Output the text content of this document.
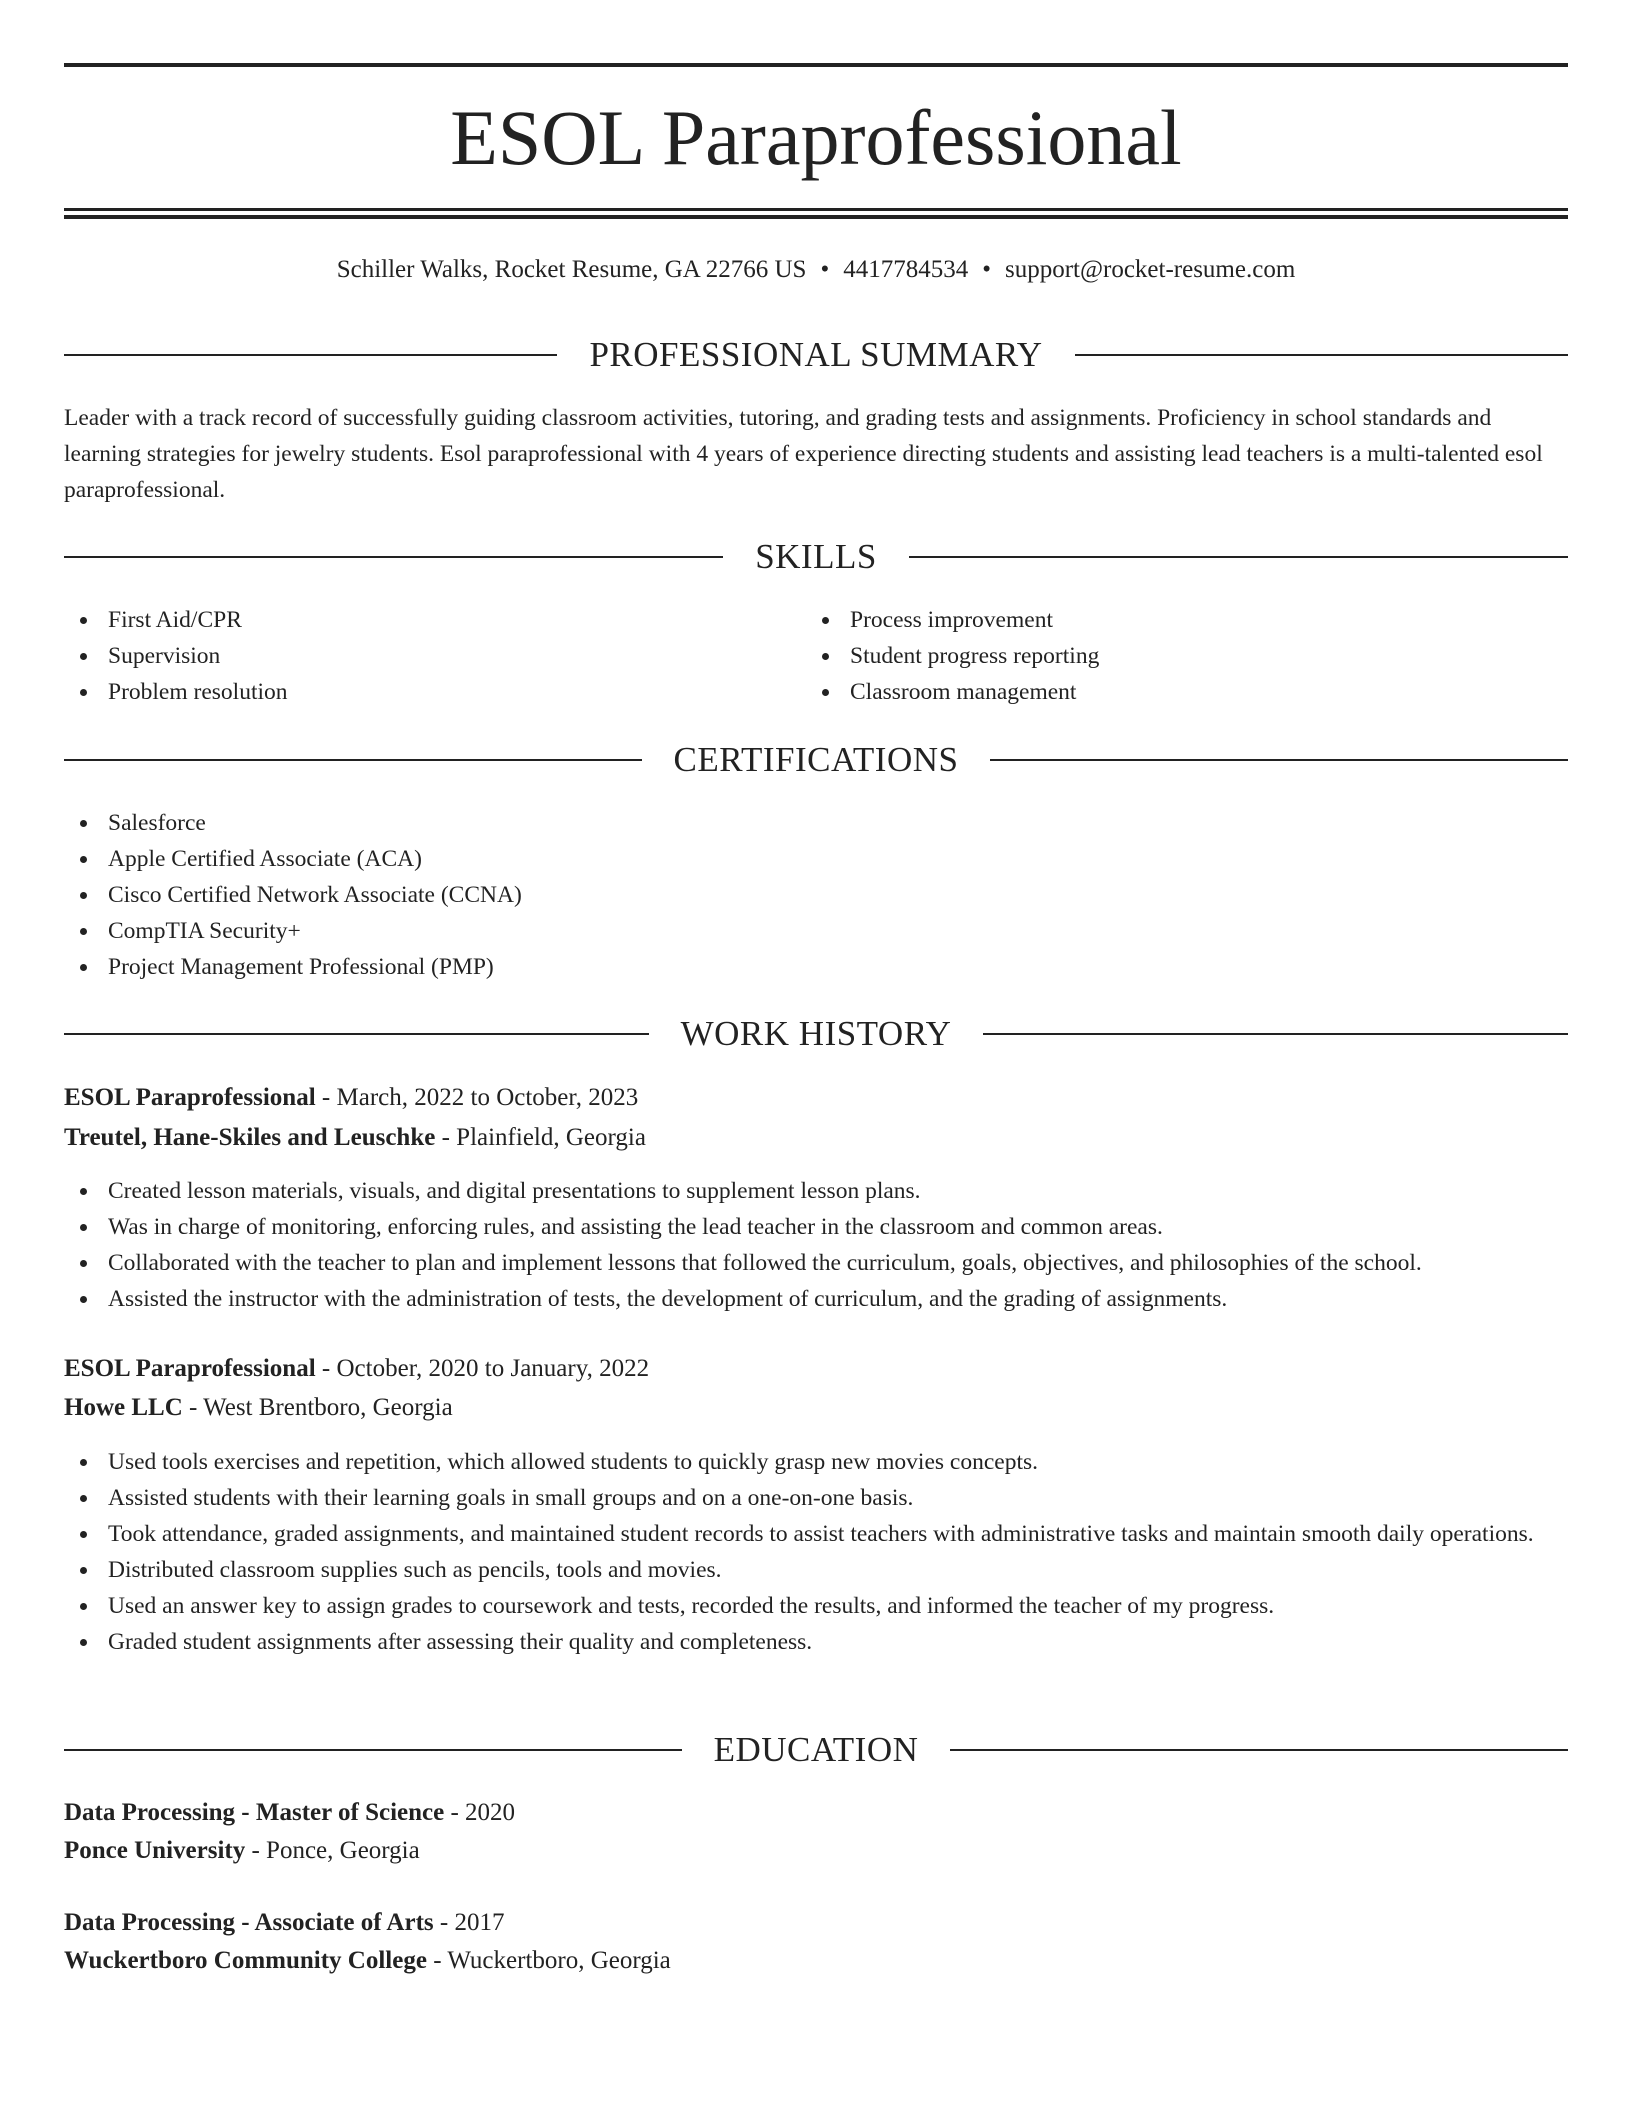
ESOL Paraprofessional
Schiller Walks, Rocket Resume, GA 22766 US • 4417784534 • support@rocket-resume.com
PROFESSIONAL SUMMARY
Leader with a track record of successfully guiding classroom activities, tutoring, and grading tests and assignments. Proficiency in school standards and learning strategies for jewelry students. Esol paraprofessional with 4 years of experience directing students and assisting lead teachers is a multi-talented esol paraprofessional.
SKILLS
First Aid/CPR
Supervision
Problem resolution
Process improvement
Student progress reporting
Classroom management
CERTIFICATIONS
Salesforce
Apple Certified Associate (ACA)
Cisco Certified Network Associate (CCNA)
CompTIA Security+
Project Management Professional (PMP)
WORK HISTORY
ESOL Paraprofessional - March, 2022 to October, 2023
Treutel, Hane-Skiles and Leuschke - Plainfield, Georgia
Created lesson materials, visuals, and digital presentations to supplement lesson plans.
Was in charge of monitoring, enforcing rules, and assisting the lead teacher in the classroom and common areas.
Collaborated with the teacher to plan and implement lessons that followed the curriculum, goals, objectives, and philosophies of the school.
Assisted the instructor with the administration of tests, the development of curriculum, and the grading of assignments.
ESOL Paraprofessional - October, 2020 to January, 2022
Howe LLC - West Brentboro, Georgia
Used tools exercises and repetition, which allowed students to quickly grasp new movies concepts.
Assisted students with their learning goals in small groups and on a one-on-one basis.
Took attendance, graded assignments, and maintained student records to assist teachers with administrative tasks and maintain smooth daily operations.
Distributed classroom supplies such as pencils, tools and movies.
Used an answer key to assign grades to coursework and tests, recorded the results, and informed the teacher of my progress.
Graded student assignments after assessing their quality and completeness.
EDUCATION
Data Processing - Master of Science - 2020
Ponce University - Ponce, Georgia
Data Processing - Associate of Arts - 2017
Wuckertboro Community College - Wuckertboro, Georgia
